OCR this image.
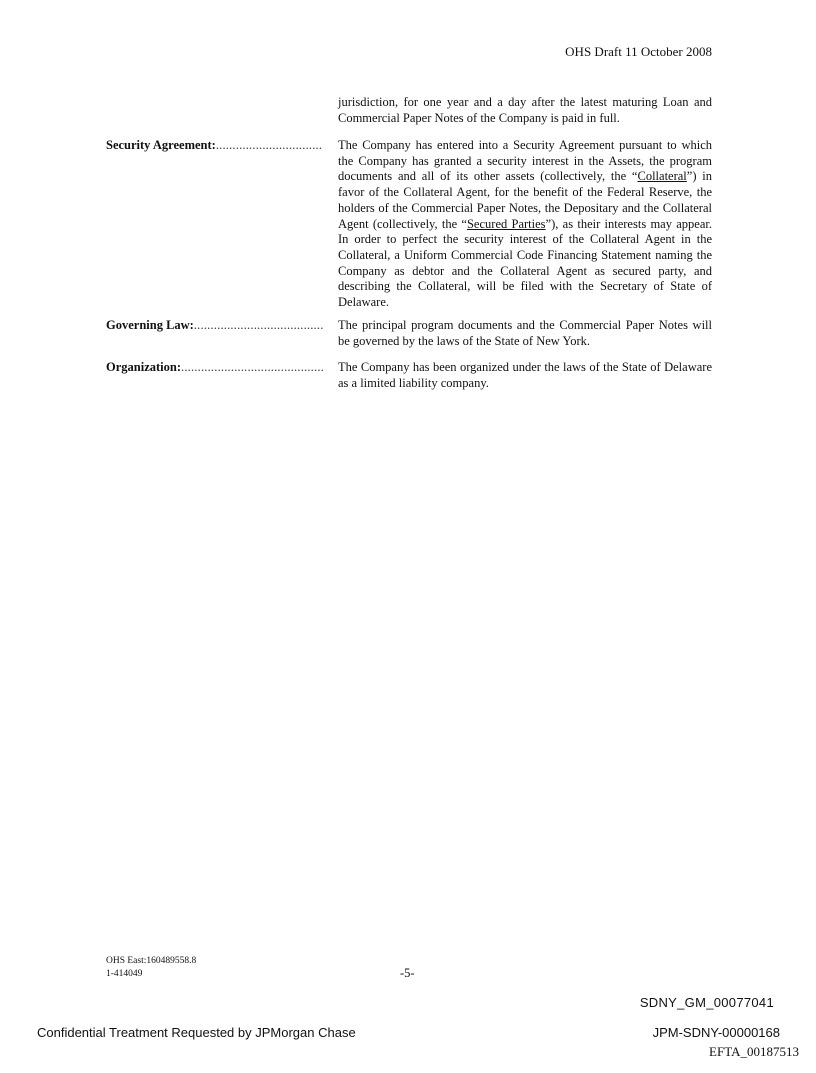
OHS Draft 11 October 2008
jurisdiction, for one year and a day after the latest maturing Loan and Commercial Paper Notes of the Company is paid in full.
Security Agreement:................................	The Company has entered into a Security Agreement pursuant to which the Company has granted a security interest in the Assets, the program documents and all of its other assets (collectively, the “Collateral”) in favor of the Collateral Agent, for the benefit of the Federal Reserve, the holders of the Commercial Paper Notes, the Depositary and the Collateral Agent (collectively, the “Secured Parties”), as their interests may appear. In order to perfect the security interest of the Collateral Agent in the Collateral, a Uniform Commercial Code Financing Statement naming the Company as debtor and the Collateral Agent as secured party, and describing the Collateral, will be filed with the Secretary of State of Delaware.
Governing Law:.......................................	The principal program documents and the Commercial Paper Notes will be governed by the laws of the State of New York.
Organization:...........................................	The Company has been organized under the laws of the State of Delaware as a limited liability company.
OHS East:160489558.8
1-414049	-5-
SDNY_GM_00077041
Confidential Treatment Requested by JPMorgan Chase	JPM-SDNY-00000168
EFTA_00187513
